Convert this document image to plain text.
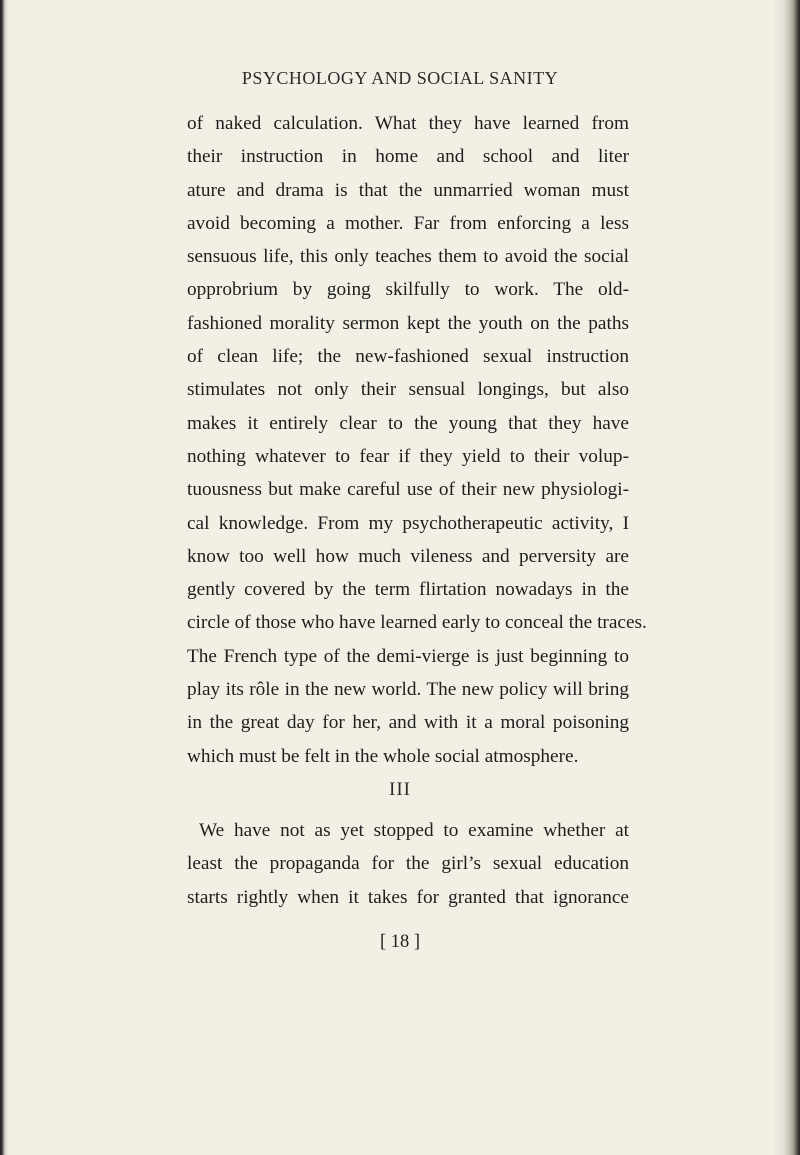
PSYCHOLOGY AND SOCIAL SANITY
of naked calculation. What they have learned from
their instruction in home and school and liter
ature and drama is that the unmarried woman must
avoid becoming a mother. Far from enforcing a less
sensuous life, this only teaches them to avoid the social
opprobrium by going skilfully to work. The old-
fashioned morality sermon kept the youth on the paths
of clean life; the new-fashioned sexual instruction
stimulates not only their sensual longings, but also
makes it entirely clear to the young that they have
nothing whatever to fear if they yield to their volup-
tuousness but make careful use of their new physiologi-
cal knowledge. From my psychotherapeutic activity, I
know too well how much vileness and perversity are
gently covered by the term flirtation nowadays in the
circle of those who have learned early to conceal the traces.
The French type of the demi-vierge is just beginning to
play its rôle in the new world. The new policy will bring
in the great day for her, and with it a moral poisoning
which must be felt in the whole social atmosphere.
III
We have not as yet stopped to examine whether at
least the propaganda for the girl’s sexual education
starts rightly when it takes for granted that ignorance
[ 18 ]
